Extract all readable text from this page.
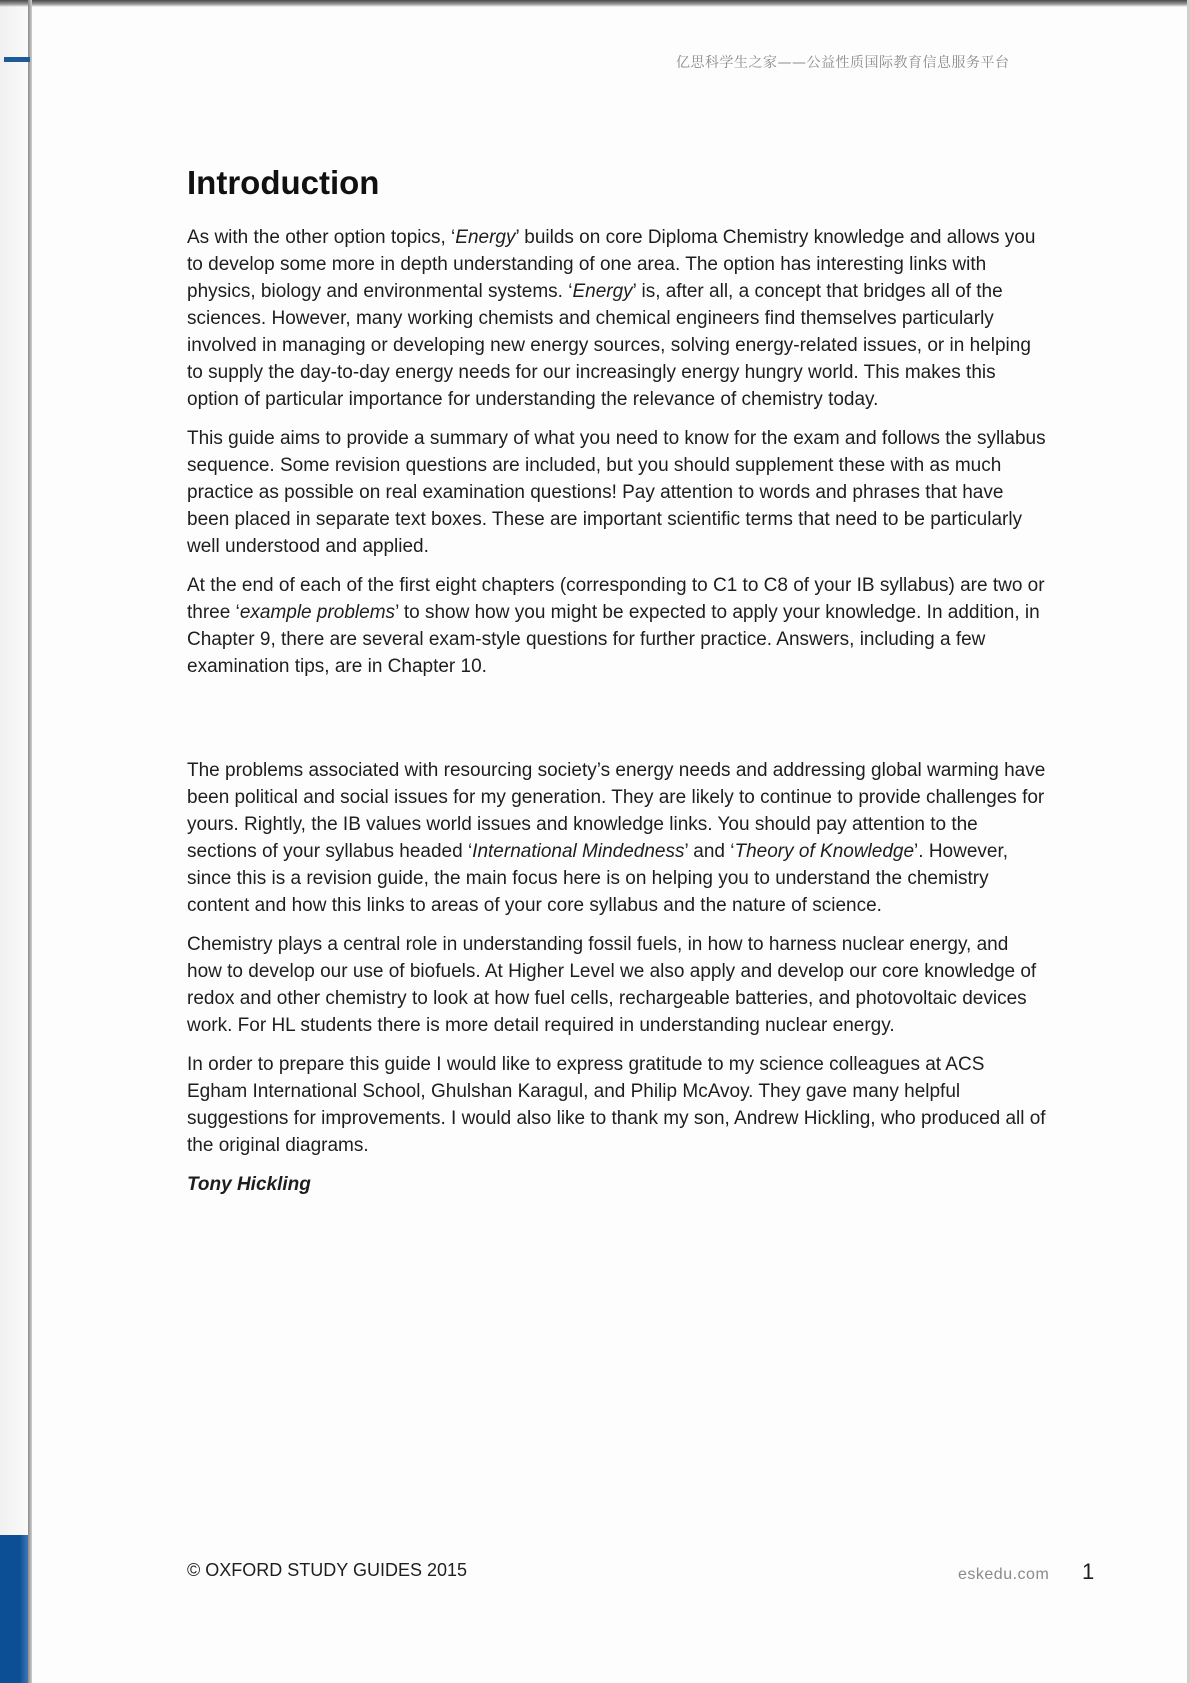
亿思科学生之家——公益性质国际教育信息服务平台
Introduction

As with the other option topics, ‘Energy’ builds on core Diploma Chemistry knowledge and allows you to develop some more in depth understanding of one area. The option has interesting links with physics, biology and environmental systems. ‘Energy’ is, after all, a concept that bridges all of the sciences. However, many working chemists and chemical engineers find themselves particularly involved in managing or developing new energy sources, solving energy-related issues, or in helping to supply the day-to-day energy needs for our increasingly energy hungry world. This makes this option of particular importance for understanding the relevance of chemistry today.

This guide aims to provide a summary of what you need to know for the exam and follows the syllabus sequence. Some revision questions are included, but you should supplement these with as much practice as possible on real examination questions! Pay attention to words and phrases that have been placed in separate text boxes. These are important scientific terms that need to be particularly well understood and applied.

At the end of each of the first eight chapters (corresponding to C1 to C8 of your IB syllabus) are two or three ‘example problems’ to show how you might be expected to apply your knowledge. In addition, in Chapter 9, there are several exam-style questions for further practice. Answers, including a few examination tips, are in Chapter 10.

The problems associated with resourcing society’s energy needs and addressing global warming have been political and social issues for my generation. They are likely to continue to provide challenges for yours. Rightly, the IB values world issues and knowledge links. You should pay attention to the sections of your syllabus headed ‘International Mindedness’ and ‘Theory of Knowledge’. However, since this is a revision guide, the main focus here is on helping you to understand the chemistry content and how this links to areas of your core syllabus and the nature of science.

Chemistry plays a central role in understanding fossil fuels, in how to harness nuclear energy, and how to develop our use of biofuels. At Higher Level we also apply and develop our core knowledge of redox and other chemistry to look at how fuel cells, rechargeable batteries, and photovoltaic devices work. For HL students there is more detail required in understanding nuclear energy.

In order to prepare this guide I would like to express gratitude to my science colleagues at ACS Egham International School, Ghulshan Karagul, and Philip McAvoy. They gave many helpful suggestions for improvements. I would also like to thank my son, Andrew Hickling, who produced all of the original diagrams.

Tony Hickling

© OXFORD STUDY GUIDES 2015	eskedu.com 1
